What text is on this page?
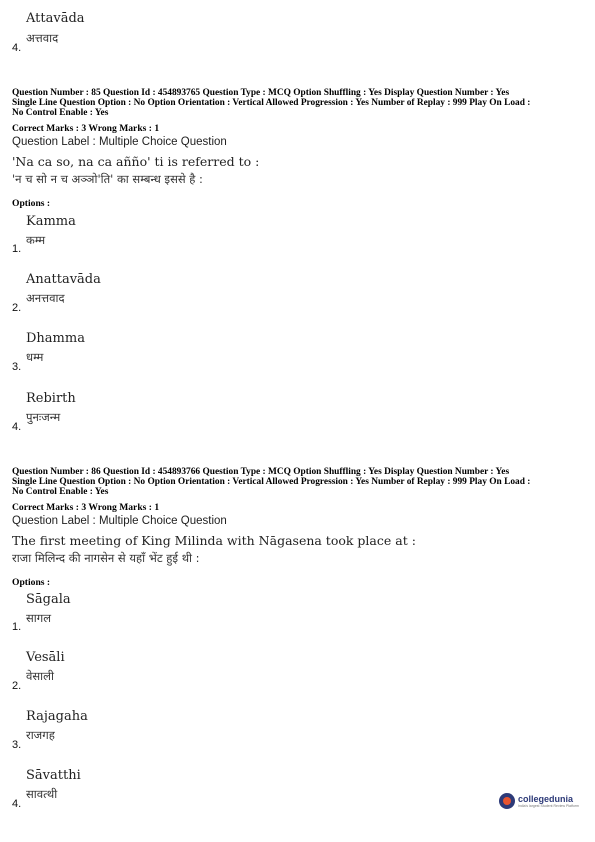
Attavāda
अत्तवाद
4.
Question Number : 85 Question Id : 454893765 Question Type : MCQ Option Shuffling : Yes Display Question Number : Yes
Single Line Question Option : No Option Orientation : Vertical Allowed Progression : Yes Number of Replay : 999 Play On Load :
No Control Enable : Yes
Correct Marks : 3 Wrong Marks : 1
Question Label : Multiple Choice Question
'Na ca so, na ca añño' ti is referred to :
'न च सो न च अञ्ञो'ति' का सम्बन्ध इससे है :
Options :
Kamma
कम्म
1.
Anattavāda
अनत्तवाद
2.
Dhamma
धम्म
3.
Rebirth
पुनःजन्म
4.
Question Number : 86 Question Id : 454893766 Question Type : MCQ Option Shuffling : Yes Display Question Number : Yes
Single Line Question Option : No Option Orientation : Vertical Allowed Progression : Yes Number of Replay : 999 Play On Load :
No Control Enable : Yes
Correct Marks : 3 Wrong Marks : 1
Question Label : Multiple Choice Question
The first meeting of King Milinda with Nāgasena took place at :
राजा मिलिन्द की नागसेन से यहाँ भेंट हुई थी :
Options :
Sāgala
सागल
1.
Vesāli
वेसाली
2.
Rajagaha
राजगह
3.
Sāvatthi
सावत्थी
4.	collegedunia
India's largest Student Review Platform
